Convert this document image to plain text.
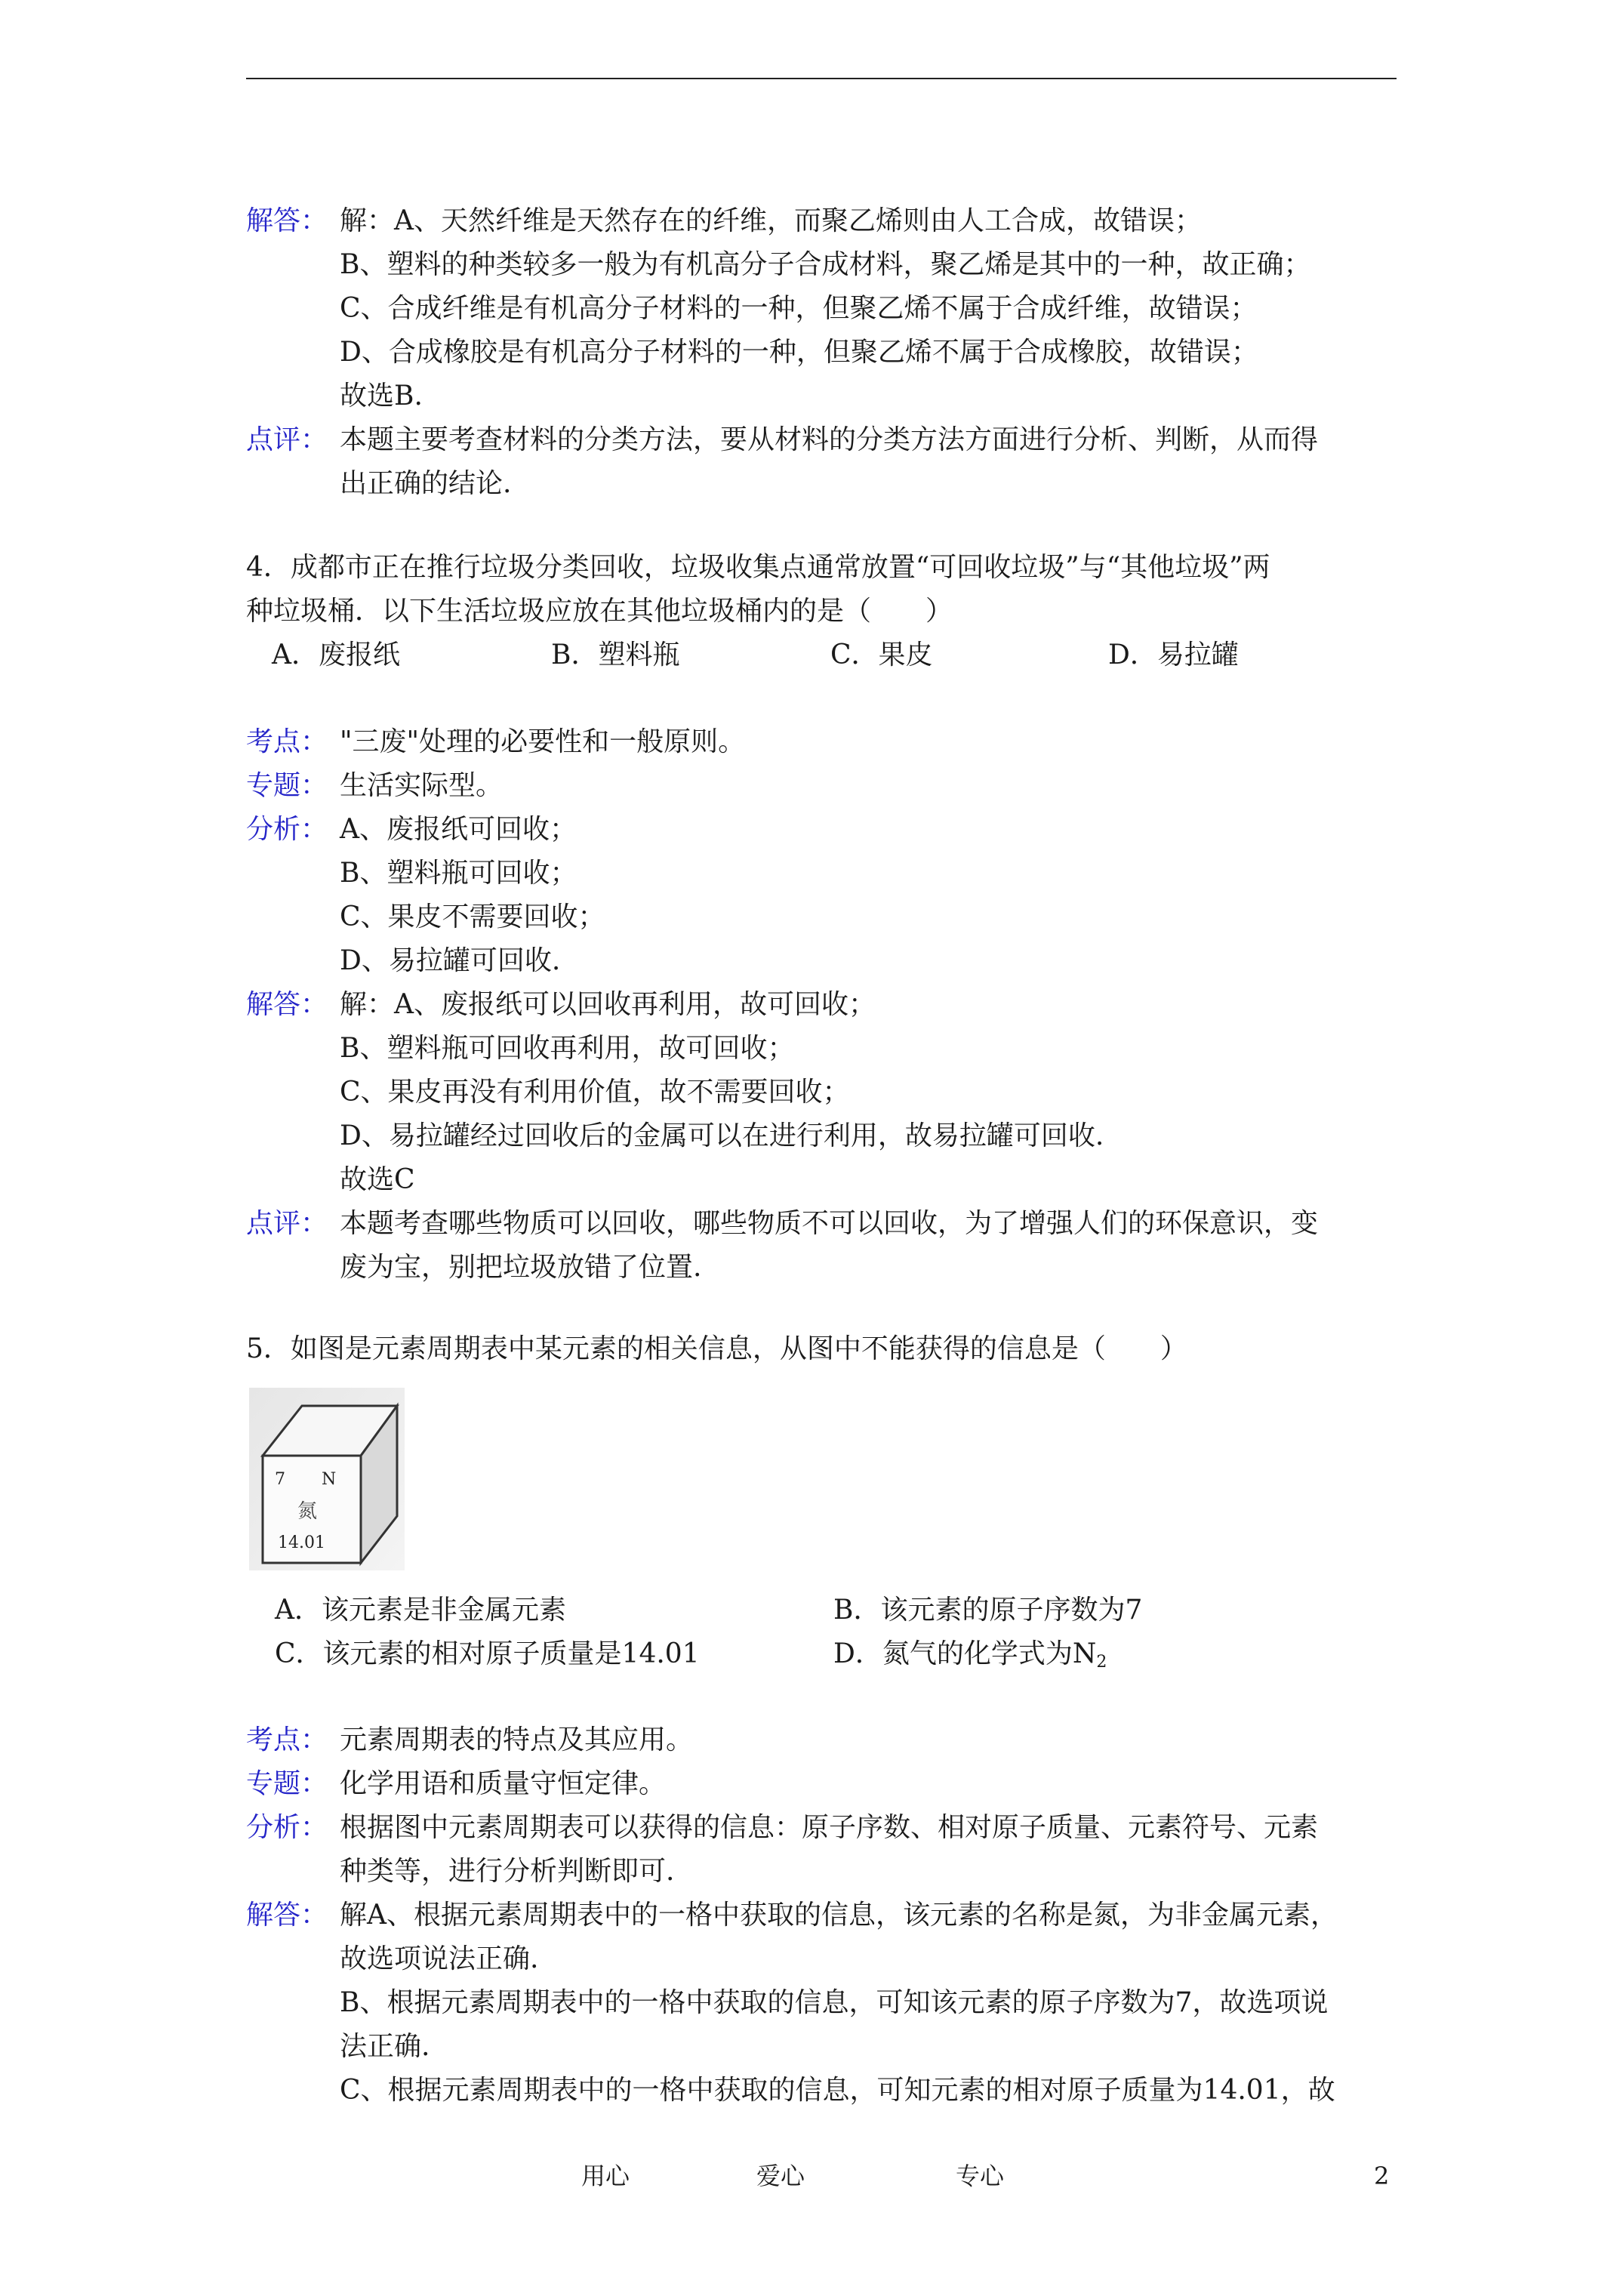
解答： 解：A、天然纤维是天然存在的纤维，而聚乙烯则由人工合成，故错误；
B、塑料的种类较多一般为有机高分子合成材料，聚乙烯是其中的一种，故正确；
C、合成纤维是有机高分子材料的一种，但聚乙烯不属于合成纤维，故错误；
D、合成橡胶是有机高分子材料的一种，但聚乙烯不属于合成橡胶，故错误；
故选B.
点评： 本题主要考查材料的分类方法，要从材料的分类方法方面进行分析、判断，从而得
出正确的结论.
4．成都市正在推行垃圾分类回收，垃圾收集点通常放置“可回收垃圾”与“其他垃圾”两
种垃圾桶．以下生活垃圾应放在其他垃圾桶内的是（　　）
A．废报纸	B．塑料瓶	C．果皮	D．易拉罐
考点： "三废"处理的必要性和一般原则。
专题： 生活实际型。
分析： A、废报纸可回收；
B、塑料瓶可回收；
C、果皮不需要回收；
D、易拉罐可回收.
解答： 解：A、废报纸可以回收再利用，故可回收；
B、塑料瓶可回收再利用，故可回收；
C、果皮再没有利用价值，故不需要回收；
D、易拉罐经过回收后的金属可以在进行利用，故易拉罐可回收.
故选C
点评： 本题考查哪些物质可以回收，哪些物质不可以回收，为了增强人们的环保意识，变
废为宝，别把垃圾放错了位置.
5．如图是元素周期表中某元素的相关信息，从图中不能获得的信息是（　　）
7 N
氮
14.01
A．该元素是非金属元素	B．该元素的原子序数为7
C．该元素的相对原子质量是14.01	D．氮气的化学式为$N_2$
考点： 元素周期表的特点及其应用。
专题： 化学用语和质量守恒定律。
分析： 根据图中元素周期表可以获得的信息：原子序数、相对原子质量、元素符号、元素
种类等，进行分析判断即可.
解答： 解A、根据元素周期表中的一格中获取的信息，该元素的名称是氮，为非金属元素，
故选项说法正确.
B、根据元素周期表中的一格中获取的信息，可知该元素的原子序数为7，故选项说
法正确.
C、根据元素周期表中的一格中获取的信息，可知元素的相对原子质量为14.01，故
用心	爱心	专心	2
